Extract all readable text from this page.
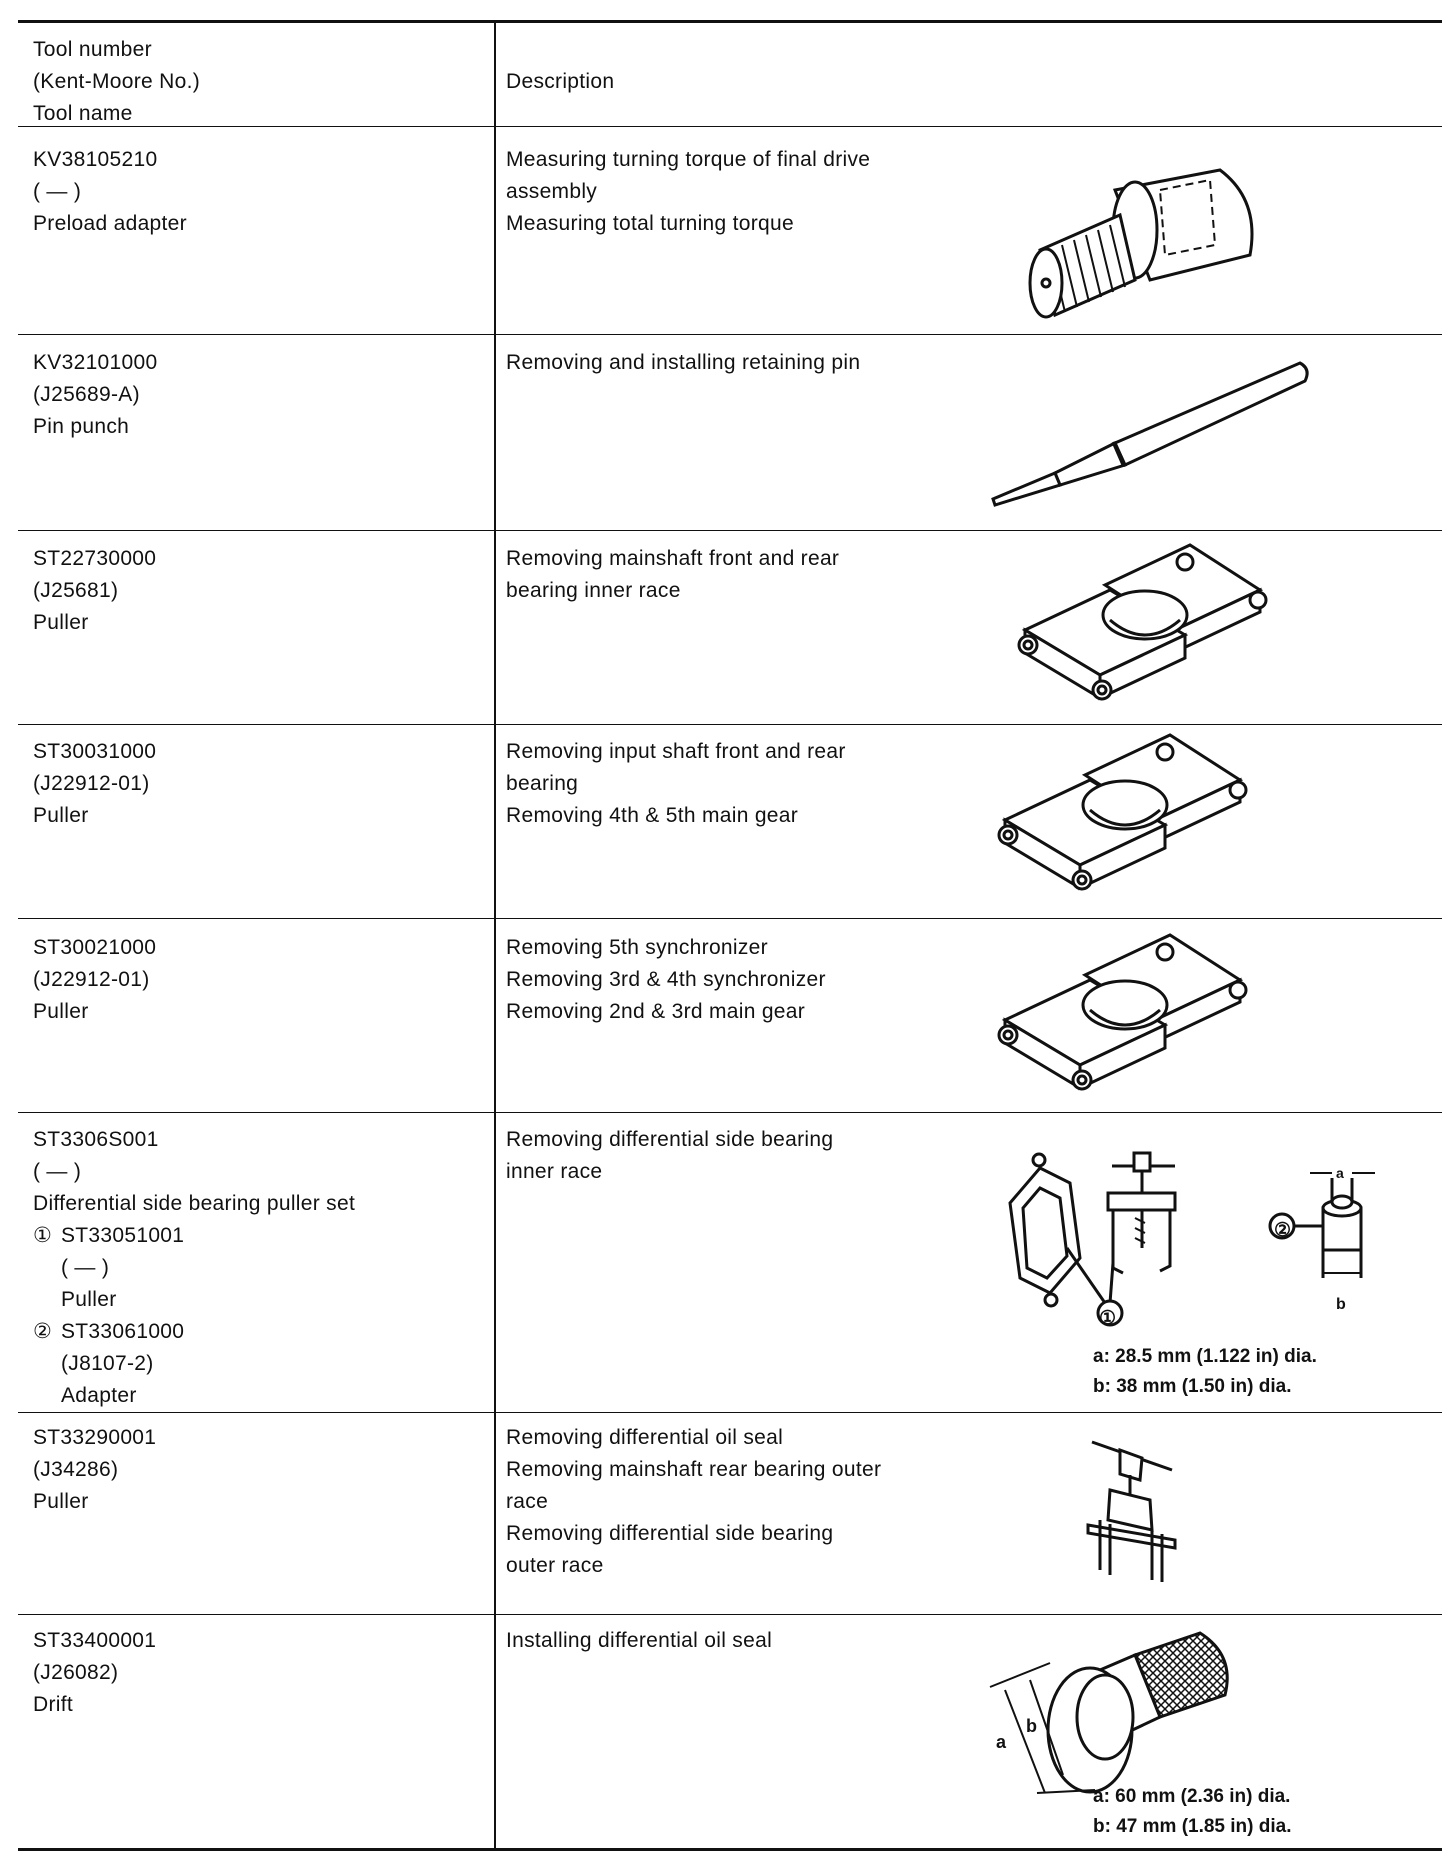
Tool number
(Kent-Moore No.)
Tool name
Description
KV38105210
( — )
Preload adapter
Measuring turning torque of final drive
assembly
Measuring total turning torque
KV32101000
(J25689-A)
Pin punch
Removing and installing retaining pin
ST22730000
(J25681)
Puller
Removing mainshaft front and rear
bearing inner race
ST30031000
(J22912-01)
Puller
Removing input shaft front and rear
bearing
Removing 4th & 5th main gear
ST30021000
(J22912-01)
Puller
Removing 5th synchronizer
Removing 3rd & 4th synchronizer
Removing 2nd & 3rd main gear
ST3306S001
( — )
Differential side bearing puller set
① ST33051001
( — )
Puller
② ST33061000
(J8107-2)
Adapter
Removing differential side bearing
inner race
①
②
a
b
a: 28.5 mm (1.122 in) dia.
b: 38 mm (1.50 in) dia.
ST33290001
(J34286)
Puller
Removing differential oil seal
Removing mainshaft rear bearing outer
race
Removing differential side bearing
outer race
ST33400001
(J26082)
Drift
Installing differential oil seal
a
b
a: 60 mm (2.36 in) dia.
b: 47 mm (1.85 in) dia.
